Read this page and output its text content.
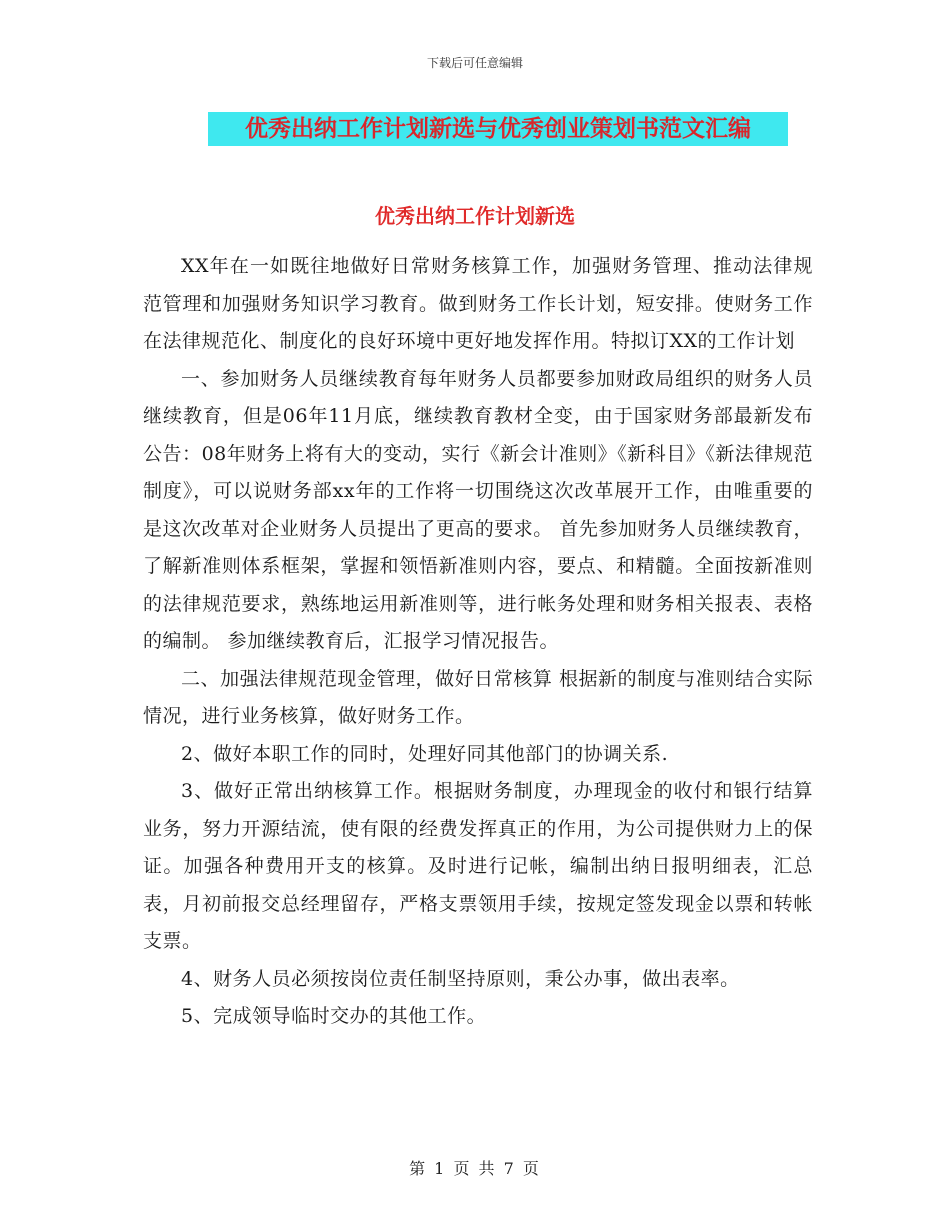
下载后可任意编辑
优秀出纳工作计划新选与优秀创业策划书范文汇编
优秀出纳工作计划新选

XX年在一如既往地做好日常财务核算工作，加强财务管理、推动法律规范管理和加强财务知识学习教育。做到财务工作长计划，短安排。使财务工作在法律规范化、制度化的良好环境中更好地发挥作用。特拟订XX的工作计划

一、参加财务人员继续教育每年财务人员都要参加财政局组织的财务人员继续教育，但是06年11月底，继续教育教材全变，由于国家财务部最新发布公告：08年财务上将有大的变动，实行《新会计准则》《新科目》《新法律规范制度》，可以说财务部xx年的工作将一切围绕这次改革展开工作，由唯重要的是这次改革对企业财务人员提出了更高的要求。 首先参加财务人员继续教育，了解新准则体系框架，掌握和领悟新准则内容，要点、和精髓。全面按新准则的法律规范要求，熟练地运用新准则等，进行帐务处理和财务相关报表、表格的编制。 参加继续教育后，汇报学习情况报告。

二、加强法律规范现金管理，做好日常核算 根据新的制度与准则结合实际情况，进行业务核算，做好财务工作。

2、做好本职工作的同时，处理好同其他部门的协调关系.

3、做好正常出纳核算工作。根据财务制度，办理现金的收付和银行结算业务，努力开源结流，使有限的经费发挥真正的作用，为公司提供财力上的保证。加强各种费用开支的核算。及时进行记帐，编制出纳日报明细表，汇总表，月初前报交总经理留存，严格支票领用手续，按规定签发现金以票和转帐支票。

4、财务人员必须按岗位责任制坚持原则，秉公办事，做出表率。

5、完成领导临时交办的其他工作。

第 1 页 共 7 页
